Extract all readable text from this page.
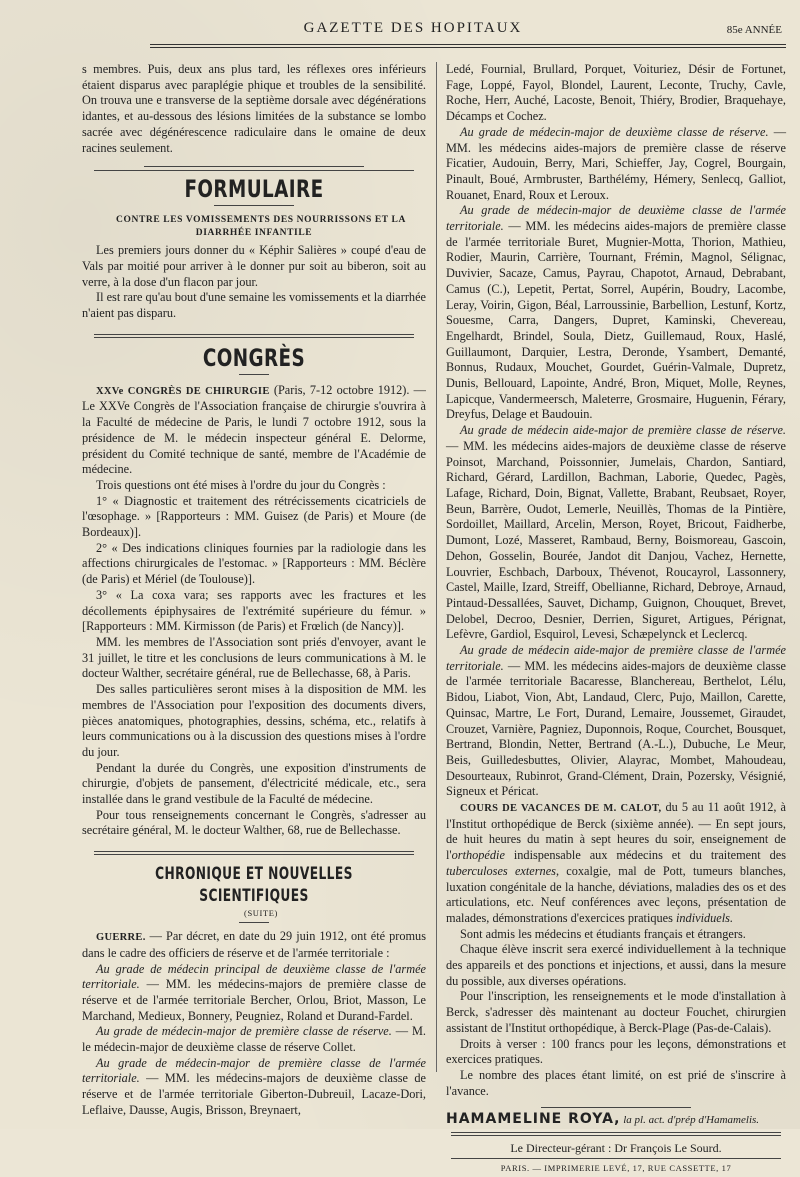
GAZETTE DES HOPITAUX	85e ANNÉE

s membres. Puis, deux ans plus tard, les réflexes ores inférieurs étaient disparus avec paraplégie phique et troubles de la sensibilité. On trouva une e transverse de la septième dorsale avec dégénérations idantes, et au-dessous des lésions limitées de la substance se lombo sacrée avec dégénérescence radiculaire dans le omaine de deux racines seulement.

FORMULAIRE

CONTRE LES VOMISSEMENTS DES NOURRISSONS ET LA DIARRHÉE INFANTILE

Les premiers jours donner du « Képhir Salières » coupé d'eau de Vals par moitié pour arriver à le donner pur soit au biberon, soit au verre, à la dose d'un flacon par jour.

Il est rare qu'au bout d'une semaine les vomissements et la diarrhée n'aient pas disparu.

CONGRÈS

XXVe CONGRÈS DE CHIRURGIE (Paris, 7-12 octobre 1912). — Le XXVe Congrès de l'Association française de chirurgie s'ouvrira à la Faculté de médecine de Paris, le lundi 7 octobre 1912, sous la présidence de M. le médecin inspecteur général E. Delorme, président du Comité technique de santé, membre de l'Académie de médecine.

Trois questions ont été mises à l'ordre du jour du Congrès :

1° « Diagnostic et traitement des rétrécissements cicatriciels de l'œsophage. » [Rapporteurs : MM. Guisez (de Paris) et Moure (de Bordeaux)].

2° « Des indications cliniques fournies par la radiologie dans les affections chirurgicales de l'estomac. » [Rapporteurs : MM. Béclère (de Paris) et Mériel (de Toulouse)].

3° « La coxa vara; ses rapports avec les fractures et les décollements épiphysaires de l'extrémité supérieure du fémur. » [Rapporteurs : MM. Kirmisson (de Paris) et Frœlich (de Nancy)].

MM. les membres de l'Association sont priés d'envoyer, avant le 31 juillet, le titre et les conclusions de leurs communications à M. le docteur Walther, secrétaire général, rue de Bellechasse, 68, à Paris.

Des salles particulières seront mises à la disposition de MM. les membres de l'Association pour l'exposition des documents divers, pièces anatomiques, photographies, dessins, schéma, etc., relatifs à leurs communications ou à la discussion des questions mises à l'ordre du jour.

Pendant la durée du Congrès, une exposition d'instruments de chirurgie, d'objets de pansement, d'électricité médicale, etc., sera installée dans le grand vestibule de la Faculté de médecine.

Pour tous renseignements concernant le Congrès, s'adresser au secrétaire général, M. le docteur Walther, 68, rue de Bellechasse.

CHRONIQUE ET NOUVELLES SCIENTIFIQUES

(SUITE)

GUERRE. — Par décret, en date du 29 juin 1912, ont été promus dans le cadre des officiers de réserve et de l'armée territoriale :

Au grade de médecin principal de deuxième classe de l'armée territoriale. — MM. les médecins-majors de première classe de réserve et de l'armée territoriale Bercher, Orlou, Briot, Masson, Le Marchand, Medieux, Bonnery, Peugniez, Roland et Durand-Fardel.

Au grade de médecin-major de première classe de réserve. — M. le médecin-major de deuxième classe de réserve Collet.

Au grade de médecin-major de première classe de l'armée territoriale. — MM. les médecins-majors de deuxième classe de réserve et de l'armée territoriale Giberton-Dubreuil, Lacaze-Dori, Leflaive, Dausse, Augis, Brisson, Breynaert,

Ledé, Fournial, Brullard, Porquet, Voituriez, Désir de Fortunet, Fage, Loppé, Fayol, Blondel, Laurent, Leconte, Truchy, Cavle, Roche, Herr, Auché, Lacoste, Benoit, Thiéry, Brodier, Braquehaye, Décamps et Cochez.

Au grade de médecin-major de deuxième classe de réserve. — MM. les médecins aides-majors de première classe de réserve Ficatier, Audouin, Berry, Mari, Schieffer, Jay, Cogrel, Bourgain, Pinault, Boué, Armbruster, Barthélémy, Hémery, Senlecq, Galliot, Rouanet, Enard, Roux et Leroux.

Au grade de médecin-major de deuxième classe de l'armée territoriale. — MM. les médecins aides-majors de première classe de l'armée territoriale Buret, Mugnier-Motta, Thorion, Mathieu, Rodier, Maurin, Carrière, Tournant, Frémin, Magnol, Sélignac, Duvivier, Sacaze, Camus, Payrau, Chapotot, Arnaud, Debrabant, Camus (C.), Lepetit, Pertat, Sorrel, Aupérin, Boudry, Lacombe, Leray, Voirin, Gigon, Béal, Larroussinie, Barbellion, Lestunf, Kortz, Souesme, Carra, Dangers, Dupret, Kaminski, Chevereau, Engelhardt, Brindel, Soula, Dietz, Guillemaud, Roux, Haslé, Guillaumont, Darquier, Lestra, Deronde, Ysambert, Demanté, Bonnus, Rudaux, Mouchet, Gourdet, Guérin-Valmale, Dupretz, Dunis, Bellouard, Lapointe, André, Bron, Miquet, Molle, Reynes, Lapicque, Vandermeersch, Maleterre, Grosmaire, Huguenin, Férary, Dreyfus, Delage et Baudouin.

Au grade de médecin aide-major de première classe de réserve. — MM. les médecins aides-majors de deuxième classe de réserve Poinsot, Marchand, Poissonnier, Jumelais, Chardon, Santiard, Richard, Gérard, Lardillon, Bachman, Laborie, Quedec, Pagès, Lafage, Richard, Doin, Bignat, Vallette, Brabant, Reubsaet, Royer, Beun, Barrère, Oudot, Lemerle, Neuillès, Thomas de la Pintière, Sordoillet, Maillard, Arcelin, Merson, Royet, Bricout, Faidherbe, Dumont, Lozé, Masseret, Rambaud, Berny, Boismoreau, Gascoin, Dehon, Gosselin, Bourée, Jandot dit Danjou, Vachez, Hernette, Louvrier, Eschbach, Darboux, Thévenot, Roucayrol, Lassonnery, Castel, Maille, Izard, Streiff, Obellianne, Richard, Debroye, Arnaud, Pintaud-Dessallées, Sauvet, Dichamp, Guignon, Chouquet, Brevet, Delobel, Decroo, Desnier, Derrien, Siguret, Artigues, Pérignat, Lefèvre, Gardiol, Esquirol, Levesi, Schæpelynck et Leclercq.

Au grade de médecin aide-major de première classe de l'armée territoriale. — MM. les médecins aides-majors de deuxième classe de l'armée territoriale Bacaresse, Blanchereau, Berthelot, Lélu, Bidou, Liabot, Vion, Abt, Landaud, Clerc, Pujo, Maillon, Carette, Quinsac, Martre, Le Fort, Durand, Lemaire, Joussemet, Giraudet, Crouzet, Varnière, Pagniez, Duponnois, Roque, Courchet, Bousquet, Bertrand, Blondin, Netter, Bertrand (A.-L.), Dubuche, Le Meur, Beis, Guilledesbuttes, Olivier, Alayrac, Mombet, Mahoudeau, Desourteaux, Rubinrot, Grand-Clément, Drain, Pozersky, Vésignié, Signeux et Péricat.

COURS DE VACANCES DE M. CALOT, du 5 au 11 août 1912, à l'Institut orthopédique de Berck (sixième année). — En sept jours, de huit heures du matin à sept heures du soir, enseignement de l'orthopédie indispensable aux médecins et du traitement des tuberculoses externes, coxalgie, mal de Pott, tumeurs blanches, luxation congénitale de la hanche, déviations, maladies des os et des articulations, etc. Neuf conférences avec leçons, présentation de malades, démonstrations d'exercices pratiques individuels.

Sont admis les médecins et étudiants français et étrangers.

Chaque élève inscrit sera exercé individuellement à la technique des appareils et des ponctions et injections, et aussi, dans la mesure du possible, aux diverses opérations.

Pour l'inscription, les renseignements et le mode d'installation à Berck, s'adresser dès maintenant au docteur Fouchet, chirurgien assistant de l'Institut orthopédique, à Berck-Plage (Pas-de-Calais).

Droits à verser : 100 francs pour les leçons, démonstrations et exercices pratiques.

Le nombre des places étant limité, on est prié de s'inscrire à l'avance.

HAMAMELINE ROYA, la pl. act. d'prép d'Hamamelis.
Le Directeur-gérant : Dr François Le Sourd.
PARIS. — IMPRIMERIE LEVÉ, 17, RUE CASSETTE, 17
